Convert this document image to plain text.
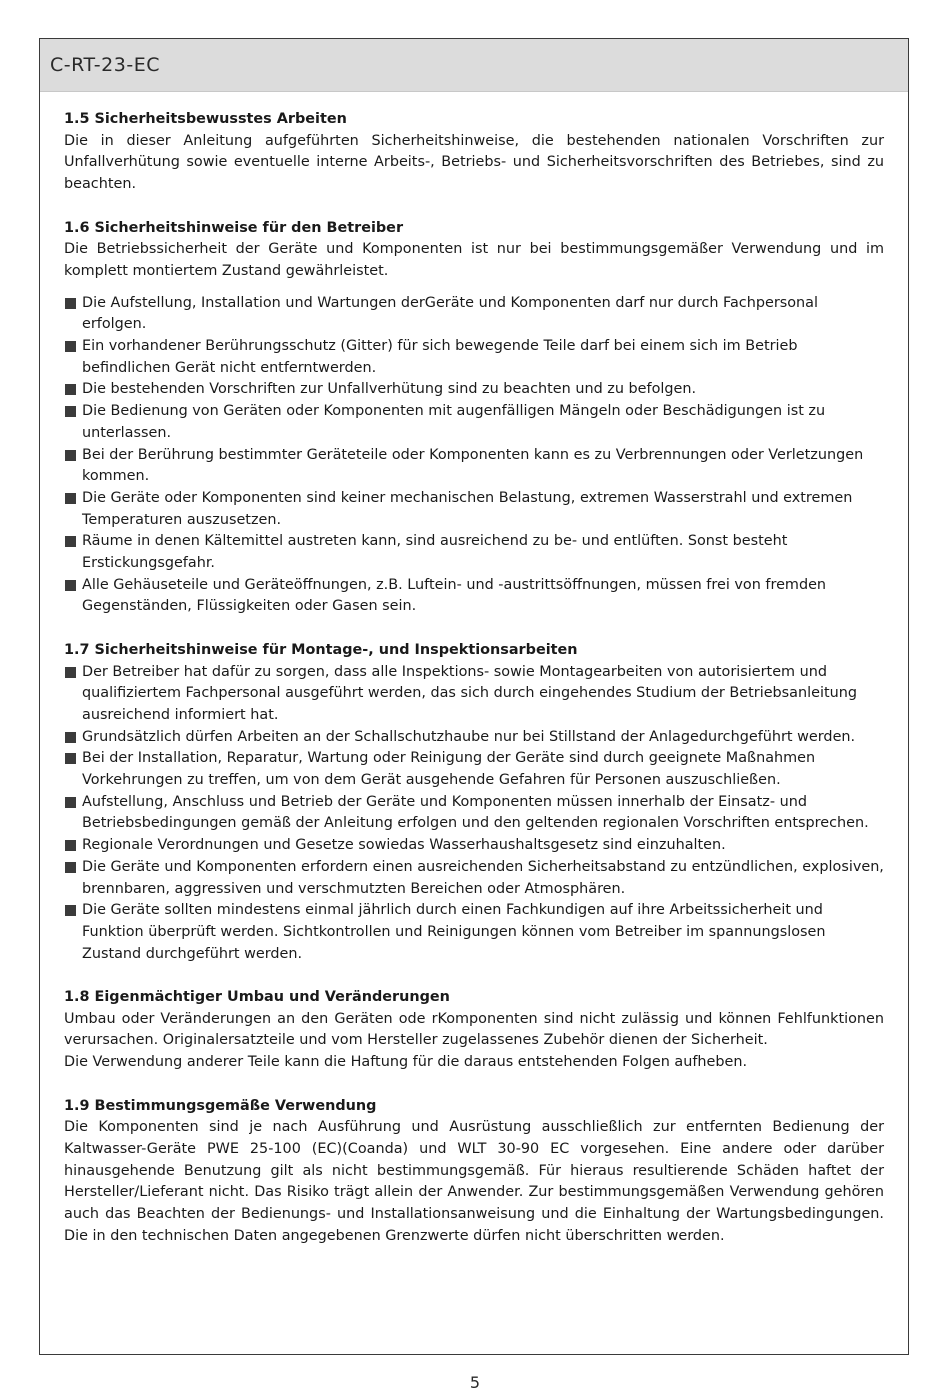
C-RT-23-EC

1.5 Sicherheitsbewusstes Arbeiten

Die in dieser Anleitung aufgeführten Sicherheitshinweise, die bestehenden nationalen Vorschriften zur Unfallverhütung sowie eventuelle interne Arbeits-, Betriebs- und Sicherheitsvorschriften des Betriebes, sind zu beachten.

1.6 Sicherheitshinweise für den Betreiber

Die Betriebssicherheit der Geräte und Komponenten ist nur bei bestimmungsgemäßer Verwendung und im komplett montiertem Zustand gewährleistet.

Die Aufstellung, Installation und Wartungen derGeräte und Komponenten darf nur durch Fachpersonal erfolgen.
Ein vorhandener Berührungsschutz (Gitter) für sich bewegende Teile darf bei einem sich im Betrieb befindlichen Gerät nicht entferntwerden.
Die bestehenden Vorschriften zur Unfallverhütung sind zu beachten und zu befolgen.
Die Bedienung von Geräten oder Komponenten mit augenfälligen Mängeln oder Beschädigungen ist zu unterlassen.
Bei der Berührung bestimmter Geräteteile oder Komponenten kann es zu Verbrennungen oder Verletzungen kommen.
Die Geräte oder Komponenten sind keiner mechanischen Belastung, extremen Wasserstrahl und extremen Temperaturen auszusetzen.
Räume in denen Kältemittel austreten kann, sind ausreichend zu be- und entlüften. Sonst besteht Erstickungsgefahr.
Alle Gehäuseteile und Geräteöffnungen, z.B. Luftein- und -austrittsöffnungen, müssen frei von fremden Gegenständen, Flüssigkeiten oder Gasen sein.

1.7 Sicherheitshinweise für Montage-, und Inspektionsarbeiten

Der Betreiber hat dafür zu sorgen, dass alle Inspektions- sowie Montagearbeiten von autorisiertem und qualifiziertem Fachpersonal ausgeführt werden, das sich durch eingehendes Studium der Betriebsanleitung ausreichend informiert hat.
Grundsätzlich dürfen Arbeiten an der Schallschutzhaube nur bei Stillstand der Anlagedurchgeführt werden.
Bei der Installation, Reparatur, Wartung oder Reinigung der Geräte sind durch geeignete Maßnahmen Vorkehrungen zu treffen, um von dem Gerät ausgehende Gefahren für Personen auszuschließen.
Aufstellung, Anschluss und Betrieb der Geräte und Komponenten müssen innerhalb der Einsatz- und Betriebsbedingungen gemäß der Anleitung erfolgen und den geltenden regionalen Vorschriften entsprechen.
Regionale Verordnungen und Gesetze sowiedas Wasserhaushaltsgesetz sind einzuhalten.
Die Geräte und Komponenten erfordern einen ausreichenden Sicherheitsabstand zu entzündlichen, explosiven, brennbaren, aggressiven und verschmutzten Bereichen oder Atmosphären.
Die Geräte sollten mindestens einmal jährlich durch einen Fachkundigen auf ihre Arbeitssicherheit und Funktion überprüft werden. Sichtkontrollen und Reinigungen können vom Betreiber im spannungslosen Zustand durchgeführt werden.

1.8 Eigenmächtiger Umbau und Veränderungen

Umbau oder Veränderungen an den Geräten ode rKomponenten sind nicht zulässig und können Fehlfunktionen verursachen. Originalersatzteile und vom Hersteller zugelassenes Zubehör dienen der Sicherheit.

Die Verwendung anderer Teile kann die Haftung für die daraus entstehenden Folgen aufheben.

1.9 Bestimmungsgemäße Verwendung

Die Komponenten sind je nach Ausführung und Ausrüstung ausschließlich zur entfernten Bedienung der Kaltwasser-Geräte PWE 25-100 (EC)(Coanda) und WLT 30-90 EC vorgesehen. Eine andere oder darüber hinausgehende Benutzung gilt als nicht bestimmungsgemäß. Für hieraus resultierende Schäden haftet der Hersteller/Lieferant nicht. Das Risiko trägt allein der Anwender. Zur bestimmungsgemäßen Verwendung gehören auch das Beachten der Bedienungs- und Installationsanweisung und die Einhaltung der Wartungsbedingungen. Die in den technischen Daten angegebenen Grenzwerte dürfen nicht überschritten werden.

5
